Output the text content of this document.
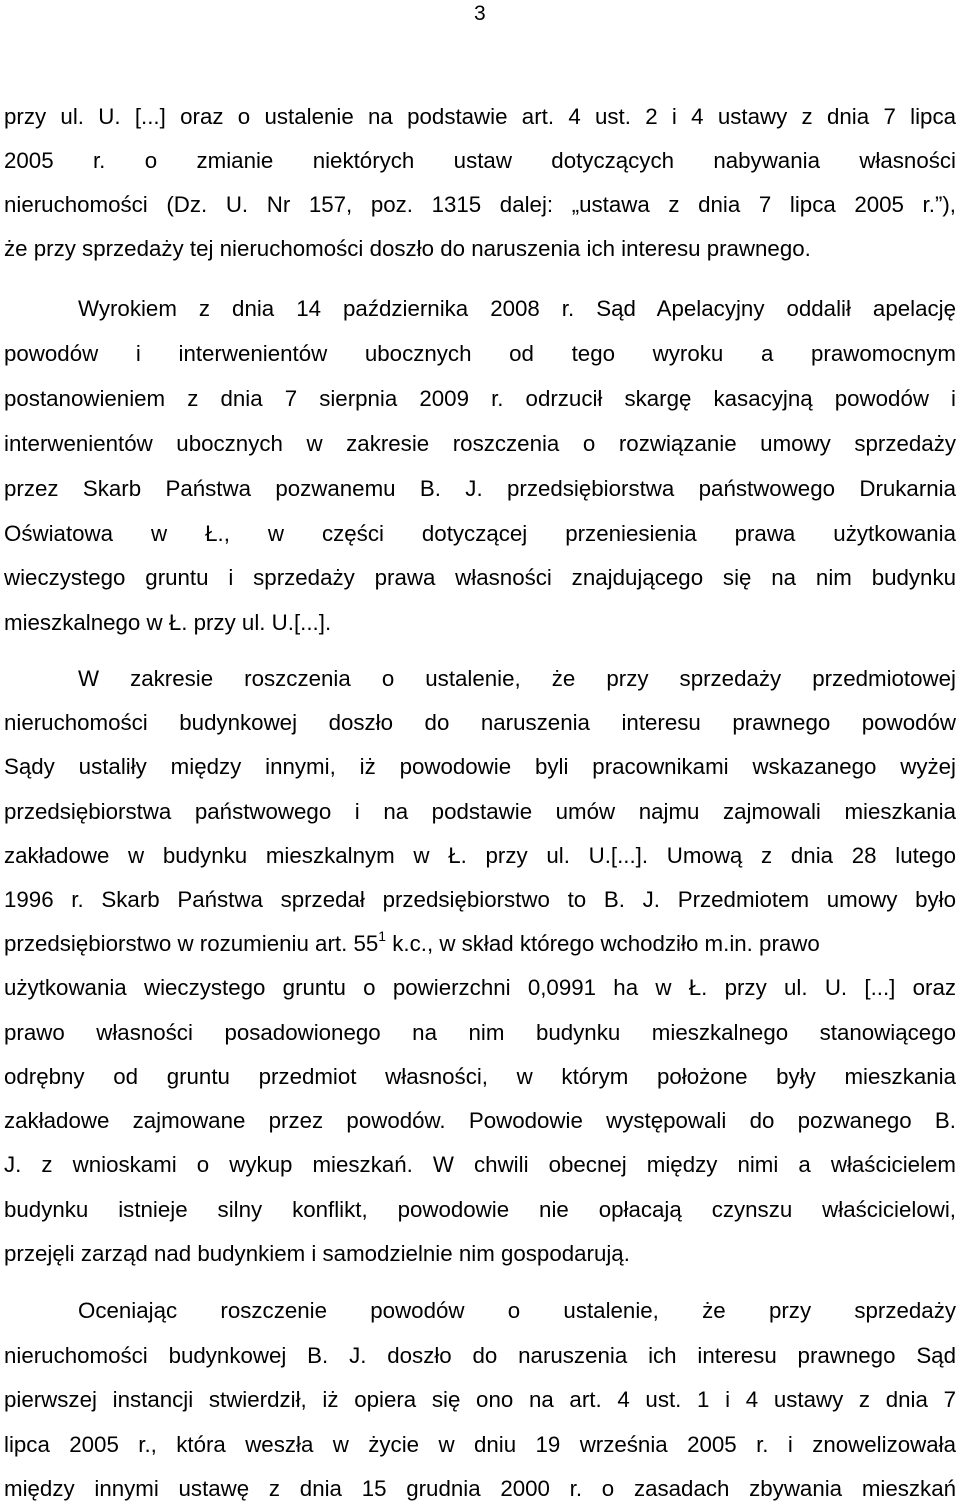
3
przy ul. U. [...] oraz o ustalenie na podstawie art. 4 ust. 2 i 4 ustawy z dnia 7 lipca
2005 r. o zmianie niektórych ustaw dotyczących nabywania własności
nieruchomości (Dz. U. Nr 157, poz. 1315 dalej: „ustawa z dnia 7 lipca 2005 r.”),
że przy sprzedaży tej nieruchomości doszło do naruszenia ich interesu prawnego.
Wyrokiem z dnia 14 października 2008 r. Sąd Apelacyjny oddalił apelację
powodów i interwenientów ubocznych od tego wyroku a prawomocnym
postanowieniem z dnia 7 sierpnia 2009 r. odrzucił skargę kasacyjną powodów i
interwenientów ubocznych w zakresie roszczenia o rozwiązanie umowy sprzedaży
przez Skarb Państwa pozwanemu B. J. przedsiębiorstwa państwowego Drukarnia
Oświatowa w Ł., w części dotyczącej przeniesienia prawa użytkowania
wieczystego gruntu i sprzedaży prawa własności znajdującego się na nim budynku
mieszkalnego w Ł. przy ul. U.[...].
W zakresie roszczenia o ustalenie, że przy sprzedaży przedmiotowej
nieruchomości budynkowej doszło do naruszenia interesu prawnego powodów
Sądy ustaliły między innymi, iż powodowie byli pracownikami wskazanego wyżej
przedsiębiorstwa państwowego i na podstawie umów najmu zajmowali mieszkania
zakładowe w budynku mieszkalnym w Ł. przy ul. U.[...]. Umową z dnia 28 lutego
1996 r. Skarb Państwa sprzedał przedsiębiorstwo to B. J. Przedmiotem umowy było
przedsiębiorstwo w rozumieniu art. $55^1$ k.c., w skład którego wchodziło m.in. prawo
użytkowania wieczystego gruntu o powierzchni 0,0991 ha w Ł. przy ul. U. [...] oraz
prawo własności posadowionego na nim budynku mieszkalnego stanowiącego
odrębny od gruntu przedmiot własności, w którym położone były mieszkania
zakładowe zajmowane przez powodów. Powodowie występowali do pozwanego B.
J. z wnioskami o wykup mieszkań. W chwili obecnej między nimi a właścicielem
budynku istnieje silny konflikt, powodowie nie opłacają czynszu właścicielowi,
przejęli zarząd nad budynkiem i samodzielnie nim gospodarują.
Oceniając roszczenie powodów o ustalenie, że przy sprzedaży
nieruchomości budynkowej B. J. doszło do naruszenia ich interesu prawnego Sąd
pierwszej instancji stwierdził, iż opiera się ono na art. 4 ust. 1 i 4 ustawy z dnia 7
lipca 2005 r., która weszła w życie w dniu 19 września 2005 r. i znowelizowała
między innymi ustawę z dnia 15 grudnia 2000 r. o zasadach zbywania mieszkań
